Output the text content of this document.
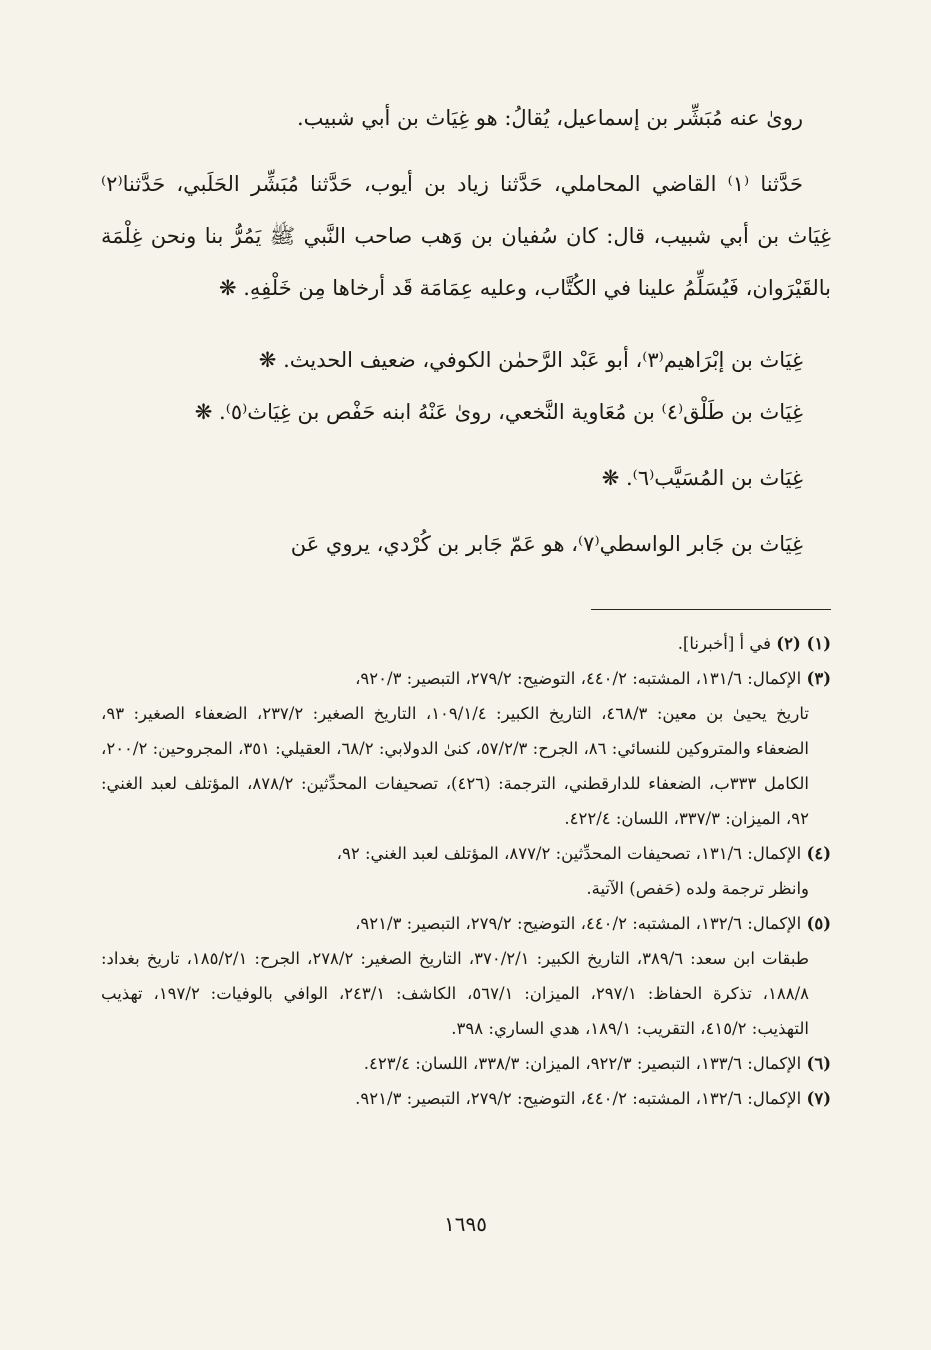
رویٰ عنه مُبَشِّر بن إسماعيل، يُقالُ: هو غِيَاث بن أبي شبيب.

حَدَّثنا ⁽١⁾ القاضي المحاملي، حَدَّثنا زياد بن أيوب، حَدَّثنا مُبَشِّر الحَلَبي، حَدَّثنا⁽٢⁾ غِيَاث بن أبي شبيب، قال: كان سُفيان بن وَهب صاحب النَّبي ﷺ يَمُرُّ بنا ونحن غِلْمَة بالقَيْرَوان، فَيُسَلِّمُ علينا في الكُتَّاب، وعليه عِمَامَة قَد أرخاها مِن خَلْفِهِ. ❋

غِيَاث بن إبْرَاهيم⁽٣⁾، أبو عَبْد الرَّحمٰن الكوفي، ضعيف الحديث. ❋

غِيَاث بن طَلْق⁽٤⁾ بن مُعَاوية النَّخعي، رویٰ عَنْهُ ابنه حَفْص بن غِيَاث⁽٥⁾. ❋

غِيَاث بن المُسَيَّب⁽٦⁾. ❋

غِيَاث بن جَابر الواسطي⁽٧⁾، هو عَمّ جَابر بن كُرْدي، يروي عَن

(١) (٢) في أ [أخبرنا].

(٣) الإكمال: ١٣١/٦، المشتبه: ٤٤٠/٢، التوضيح: ٢٧٩/٢، التبصير: ٩٢٠/٣،
تاريخ يحيىٰ بن معين: ٤٦٨/٣، التاريخ الكبير: ١٠٩/١/٤، التاريخ الصغير: ٢٣٧/٢، الضعفاء الصغير: ٩٣، الضعفاء والمتروكين للنسائي: ٨٦، الجرح: ٥٧/٢/٣، كنىٰ الدولابي: ٦٨/٢، العقيلي: ٣٥١، المجروحين: ٢٠٠/٢، الكامل ٣٣٣ب، الضعفاء للدارقطني، الترجمة: (٤٢٦)، تصحيفات المحدِّثين: ٨٧٨/٢، المؤتلف لعبد الغني: ٩٢، الميزان: ٣٣٧/٣، اللسان: ٤٢٢/٤.

(٤) الإكمال: ١٣١/٦، تصحيفات المحدِّثين: ٨٧٧/٢، المؤتلف لعبد الغني: ٩٢،
وانظر ترجمة ولده (حَفص) الآتية.

(٥) الإكمال: ١٣٢/٦، المشتبه: ٤٤٠/٢، التوضيح: ٢٧٩/٢، التبصير: ٩٢١/٣،
طبقات ابن سعد: ٣٨٩/٦، التاريخ الكبير: ٣٧٠/٢/١، التاريخ الصغير: ٢٧٨/٢، الجرح: ١٨٥/٢/١، تاريخ بغداد: ١٨٨/٨، تذكرة الحفاظ: ٢٩٧/١، الميزان: ٥٦٧/١، الكاشف: ٢٤٣/١، الوافي بالوفيات: ١٩٧/٢، تهذيب التهذيب: ٤١٥/٢، التقريب: ١٨٩/١، هدي الساري: ٣٩٨.

(٦) الإكمال: ١٣٣/٦، التبصير: ٩٢٢/٣، الميزان: ٣٣٨/٣، اللسان: ٤٢٣/٤.

(٧) الإكمال: ١٣٢/٦، المشتبه: ٤٤٠/٢، التوضيح: ٢٧٩/٢، التبصير: ٩٢١/٣.

١٦٩٥
